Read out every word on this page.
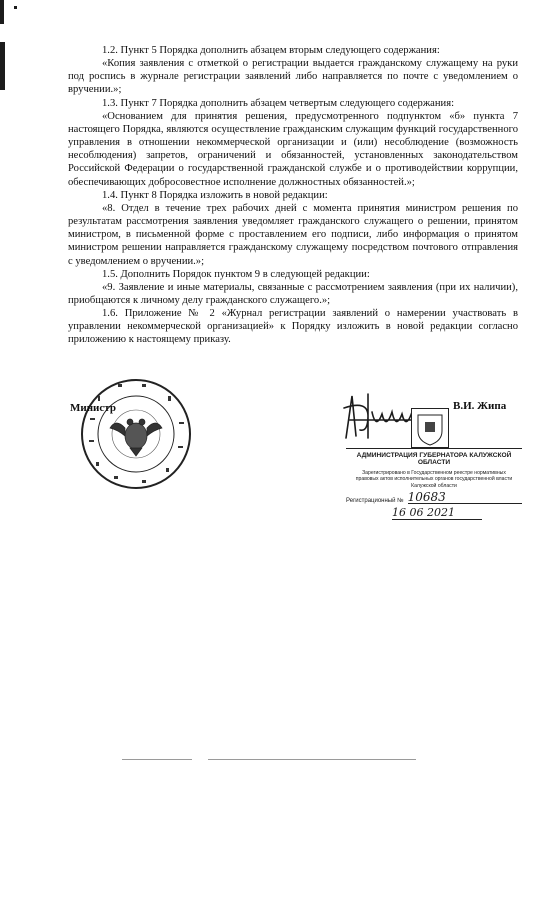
1.2. Пункт 5 Порядка дополнить абзацем вторым следующего содержания:

«Копия заявления с отметкой о регистрации выдается гражданскому служащему на руки под роспись в журнале регистрации заявлений либо направляется по почте с уведомлением о вручении.»;

1.3. Пункт 7 Порядка дополнить абзацем четвертым следующего содержания:

«Основанием для принятия решения, предусмотренного подпунктом «б» пункта 7 настоящего Порядка, являются осуществление гражданским служащим функций государственного управления в отношении некоммерческой организации и (или) несоблюдение (возможность несоблюдения) запретов, ограничений и обязанностей, установленных законодательством Российской Федерации о государственной гражданской службе и о противодействии коррупции, обеспечивающих добросовестное исполнение должностных обязанностей.»;

1.4. Пункт 8 Порядка изложить в новой редакции:

«8. Отдел в течение трех рабочих дней с момента принятия министром решения по результатам рассмотрения заявления уведомляет гражданского служащего о решении, принятом министром, в письменной форме с проставлением его подписи, либо информация о принятом министром решении направляется гражданскому служащему посредством почтового отправления с уведомлением о вручении.»;

1.5. Дополнить Порядок пунктом 9 в следующей редакции:

«9. Заявление и иные материалы, связанные с рассмотрением заявления (при их наличии), приобщаются к личному делу гражданского служащего.»;

1.6. Приложение № 2 «Журнал регистрации заявлений о намерении участвовать в управлении некоммерческой организацией» к Порядку изложить в новой редакции согласно приложению к настоящему приказу.

Министр	В.И. Жипа
АДМИНИСТРАЦИЯ ГУБЕРНАТОРА КАЛУЖСКОЙ ОБЛАСТИ
Зарегистрировано в Государственном реестре нормативных
правовых актов исполнительных органов государственной власти
Калужской области
Регистрационный № 10683
16 06 2021
